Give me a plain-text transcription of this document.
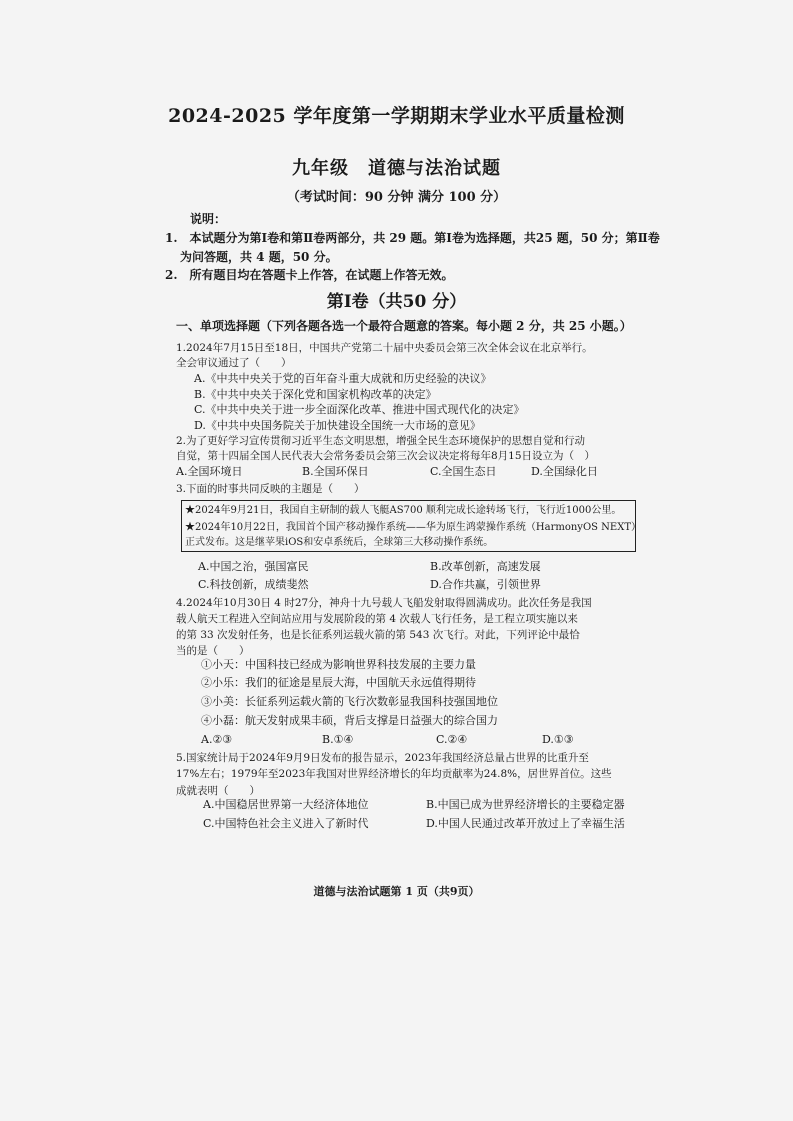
2024-2025 学年度第一学期期末学业水平质量检测
九年级　道德与法治试题
（考试时间：90 分钟 满分 100 分）
说明：
1.　本试题分为第Ⅰ卷和第Ⅱ卷两部分，共 29 题。第Ⅰ卷为选择题，共25 题，50 分；第Ⅱ卷
为问答题，共 4 题，50 分。
2.　所有题目均在答题卡上作答，在试题上作答无效。
第Ⅰ卷（共50 分）
一、单项选择题（下列各题各选一个最符合题意的答案。每小题 2 分，共 25 小题。）
1.2024年7月15日至18日，中国共产党第二十届中央委员会第三次全体会议在北京举行。
全会审议通过了（　　）
A.《中共中央关于党的百年奋斗重大成就和历史经验的决议》
B.《中共中央关于深化党和国家机构改革的决定》
C.《中共中央关于进一步全面深化改革、推进中国式现代化的决定》
D.《中共中央国务院关于加快建设全国统一大市场的意见》
2.为了更好学习宣传贯彻习近平生态文明思想，增强全民生态环境保护的思想自觉和行动
自觉，第十四届全国人民代表大会常务委员会第三次会议决定将每年8月15日设立为（　）
A.全国环境日	B.全国环保日	C.全国生态日	D.全国绿化日
3.下面的时事共同反映的主题是（　　）
★2024年9月21日，我国自主研制的载人飞艇AS700 顺利完成长途转场飞行，飞行近1000公里。
★2024年10月22日，我国首个国产移动操作系统——华为原生鸿蒙操作系统（HarmonyOS NEXT）
正式发布。这是继苹果iOS和安卓系统后，全球第三大移动操作系统。
A.中国之治，强国富民	B.改革创新，高速发展
C.科技创新，成绩斐然	D.合作共赢，引领世界
4.2024年10月30日 4 时27分，神舟十九号载人飞船发射取得圆满成功。此次任务是我国
载人航天工程进入空间站应用与发展阶段的第 4 次载人飞行任务，是工程立项实施以来
的第 33 次发射任务，也是长征系列运载火箭的第 543 次飞行。对此，下列评论中最恰
当的是（　　）
①小天：中国科技已经成为影响世界科技发展的主要力量
②小乐：我们的征途是星辰大海，中国航天永远值得期待
③小美：长征系列运载火箭的飞行次数彰显我国科技强国地位
④小磊：航天发射成果丰硕，背后支撑是日益强大的综合国力
A.②③	B.①④	C.②④	D.①③
5.国家统计局于2024年9月9日发布的报告显示，2023年我国经济总量占世界的比重升至
17%左右；1979年至2023年我国对世界经济增长的年均贡献率为24.8%，居世界首位。这些
成就表明（　　）
A.中国稳居世界第一大经济体地位	B.中国已成为世界经济增长的主要稳定器
C.中国特色社会主义进入了新时代	D.中国人民通过改革开放过上了幸福生活
道德与法治试题第 1 页（共9页）
